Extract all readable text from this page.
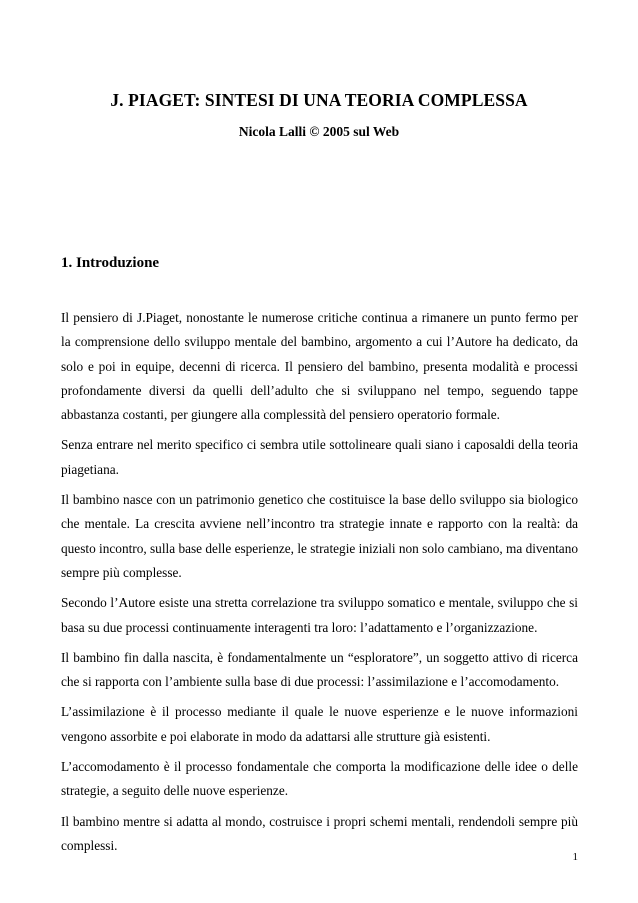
J. PIAGET: SINTESI DI UNA TEORIA COMPLESSA
Nicola Lalli © 2005 sul Web
1. Introduzione

Il pensiero di J.Piaget, nonostante le numerose critiche continua a rimanere un punto fermo per la comprensione dello sviluppo mentale del bambino, argomento a cui l’Autore ha dedicato, da solo e poi in equipe, decenni di ricerca. Il pensiero del bambino, presenta modalità e processi profondamente diversi da quelli dell’adulto che si sviluppano nel tempo, seguendo tappe abbastanza costanti, per giungere alla complessità del pensiero operatorio formale.

Senza entrare nel merito specifico ci sembra utile sottolineare quali siano i caposaldi della teoria piagetiana.

Il bambino nasce con un patrimonio genetico che costituisce la base dello sviluppo sia biologico che mentale. La crescita avviene nell’incontro tra strategie innate e rapporto con la realtà: da questo incontro, sulla base delle esperienze, le strategie iniziali non solo cambiano, ma diventano sempre più complesse.

Secondo l’Autore esiste una stretta correlazione tra sviluppo somatico e mentale, sviluppo che si basa su due processi continuamente interagenti tra loro: l’adattamento e l’organizzazione.

Il bambino fin dalla nascita, è fondamentalmente un “esploratore”, un soggetto attivo di ricerca che si rapporta con l’ambiente sulla base di due processi: l’assimilazione e l’accomodamento.

L’assimilazione è il processo mediante il quale le nuove esperienze e le nuove informazioni vengono assorbite e poi elaborate in modo da adattarsi alle strutture già esistenti.

L’accomodamento è il processo fondamentale che comporta la modificazione delle idee o delle strategie, a seguito delle nuove esperienze.

Il bambino mentre si adatta al mondo, costruisce i propri schemi mentali, rendendoli sempre più complessi.

1
